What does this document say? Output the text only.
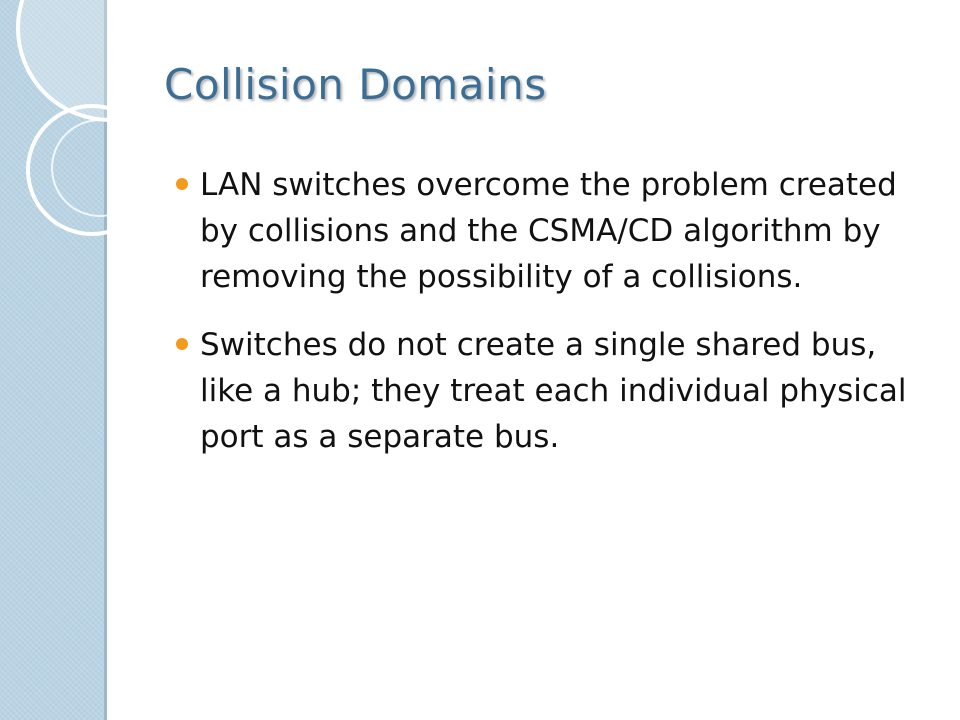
Collision Domains
LAN switches overcome the problem created by collisions and the CSMA/CD algorithm by removing the possibility of a collisions.
Switches do not create a single shared bus, like a hub; they treat each individual physical port as a separate bus.
